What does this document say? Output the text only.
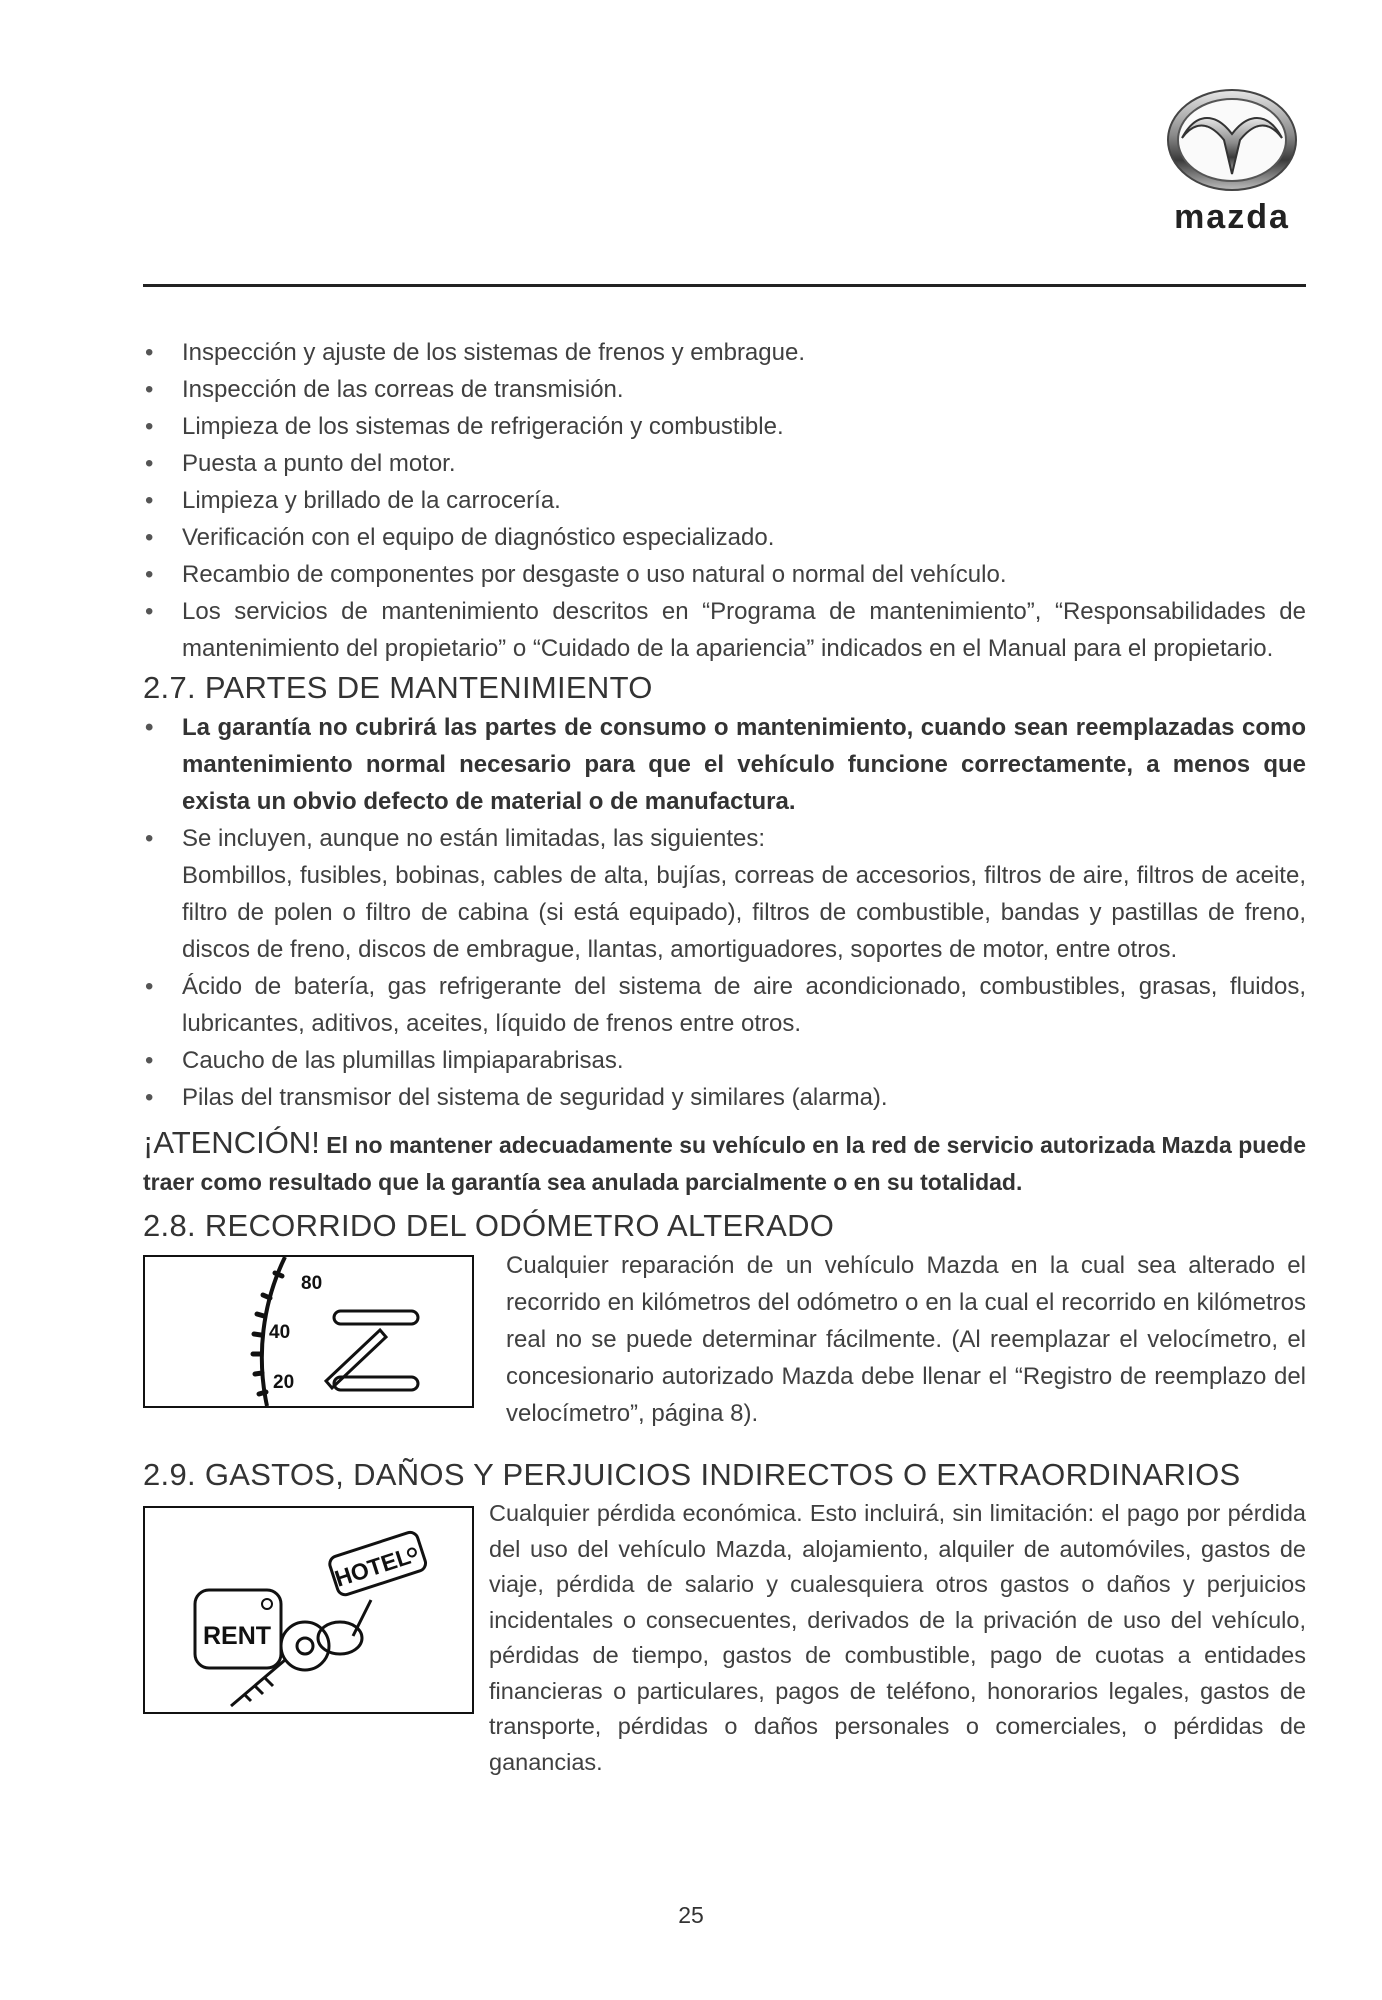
mazda
• Inspección y ajuste de los sistemas de frenos y embrague.
• Inspección de las correas de transmisión.
• Limpieza de los sistemas de refrigeración y combustible.
• Puesta a punto del motor.
• Limpieza y brillado de la carrocería.
• Verificación con el equipo de diagnóstico especializado.
• Recambio de componentes por desgaste o uso natural o normal del vehículo.
• Los servicios de mantenimiento descritos en “Programa de mantenimiento”, “Responsabilidades de mantenimiento del propietario” o “Cuidado de la apariencia” indicados en el Manual para el propietario.
2.7. PARTES DE MANTENIMIENTO
• La garantía no cubrirá las partes de consumo o mantenimiento, cuando sean reemplazadas como mantenimiento normal necesario para que el vehículo funcione correctamente, a menos que exista un obvio defecto de material o de manufactura.
• Se incluyen, aunque no están limitadas, las siguientes:
Bombillos, fusibles, bobinas, cables de alta, bujías, correas de accesorios, filtros de aire, filtros de aceite, filtro de polen o filtro de cabina (si está equipado), filtros de combustible, bandas y pastillas de freno, discos de freno, discos de embrague, llantas, amortiguadores, soportes de motor, entre otros.
• Ácido de batería, gas refrigerante del sistema de aire acondicionado, combustibles, grasas, fluidos, lubricantes, aditivos, aceites, líquido de frenos entre otros.
• Caucho de las plumillas limpiaparabrisas.
• Pilas del transmisor del sistema de seguridad y similares (alarma).
¡ATENCIÓN! El no mantener adecuadamente su vehículo en la red de servicio autorizada Mazda puede traer como resultado que la garantía sea anulada parcialmente o en su totalidad.
2.8. RECORRIDO DEL ODÓMETRO ALTERADO
80
40
20
Cualquier reparación de un vehículo Mazda en la cual sea alterado el recorrido en kilómetros del odómetro o en la cual el recorrido en kilómetros real no se puede determinar fácilmente. (Al reemplazar el velocímetro, el concesionario autorizado Mazda debe llenar el “Registro de reemplazo del velocímetro”, página 8).
2.9. GASTOS, DAÑOS Y PERJUICIOS INDIRECTOS O EXTRAORDINARIOS
HOTEL
RENT
Cualquier pérdida económica. Esto incluirá, sin limitación: el pago por pérdida del uso del vehículo Mazda, alojamiento, alquiler de automóviles, gastos de viaje, pérdida de salario y cualesquiera otros gastos o daños y perjuicios incidentales o consecuentes, derivados de la privación de uso del vehículo, pérdidas de tiempo, gastos de combustible, pago de cuotas a entidades financieras o particulares, pagos de teléfono, honorarios legales, gastos de transporte, pérdidas o daños personales o comerciales, o pérdidas de ganancias.
25
